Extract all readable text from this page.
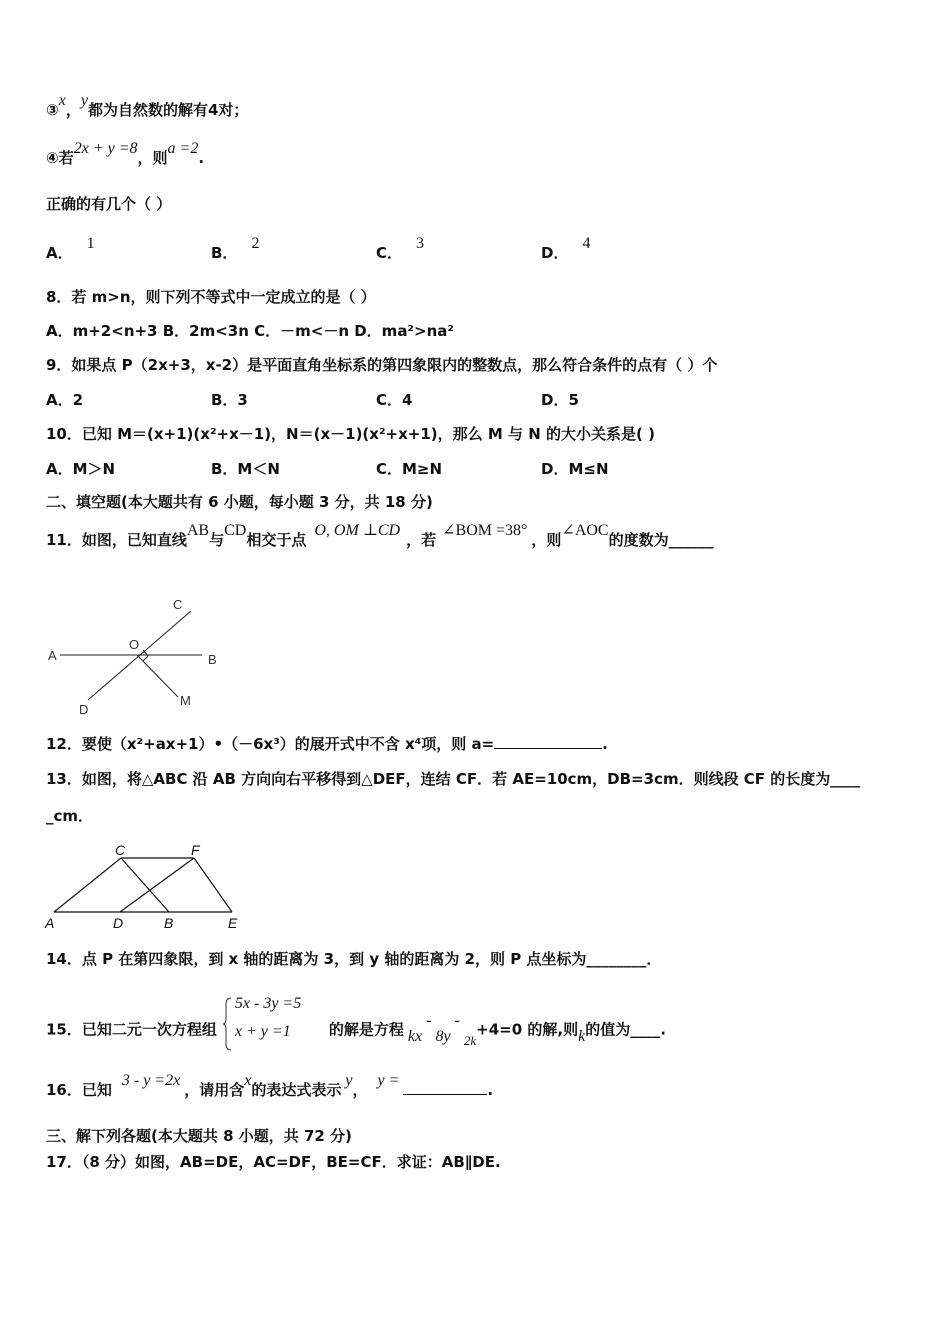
③x，y都为自然数的解有4对；
④若2x + y =8，则a =2.
正确的有几个（ ）
A．1
B．2
C．3
D．4
8．若 m>n，则下列不等式中一定成立的是（ ）
A．m+2<n+3 B．2m<3n C．－m<－n D．ma²>na²
9．如果点 P（2x+3，x-2）是平面直角坐标系的第四象限内的整数点，那么符合条件的点有（ ）个
A．2	B．3	C．4	D．5
10．已知 M＝(x+1)(x²+x－1)，N＝(x－1)(x²+x+1)，那么 M 与 N 的大小关系是( )
A．M＞N	B．M＜N	C．M≥N	D．M≤N
二、填空题(本大题共有 6 小题，每小题 3 分，共 18 分)
11．如图，已知直线AB与CD相交于点O, OM ⊥CD，若∠BOM =38°，则∠AOC的度数为______
A	B
C
D
O
M
12．要使（x²+ax+1）•（－6x³）的展开式中不含 x⁴项，则 a=	.
13．如图，将△ABC 沿 AB 方向向右平移得到△DEF，连结 CF．若 AE=10cm，DB=3cm．则线段 CF 的长度为____
_cm．
A	D	B	E
C	F
14．点 P 在第四象限，到 x 轴的距离为 3，到 y 轴的距离为 2，则 P 点坐标为________．
15．已知二元一次方程组
5x - 3y =5
x + y =1	的解是方程 kx - 8y - 2k+4=0 的解,则k的值为____.
16．已知3 - y =2x，请用含x的表达式表示y，y =.
三、解下列各题(本大题共 8 小题，共 72 分)
17．（8 分）如图，AB=DE，AC=DF，BE=CF．求证：AB∥DE.
